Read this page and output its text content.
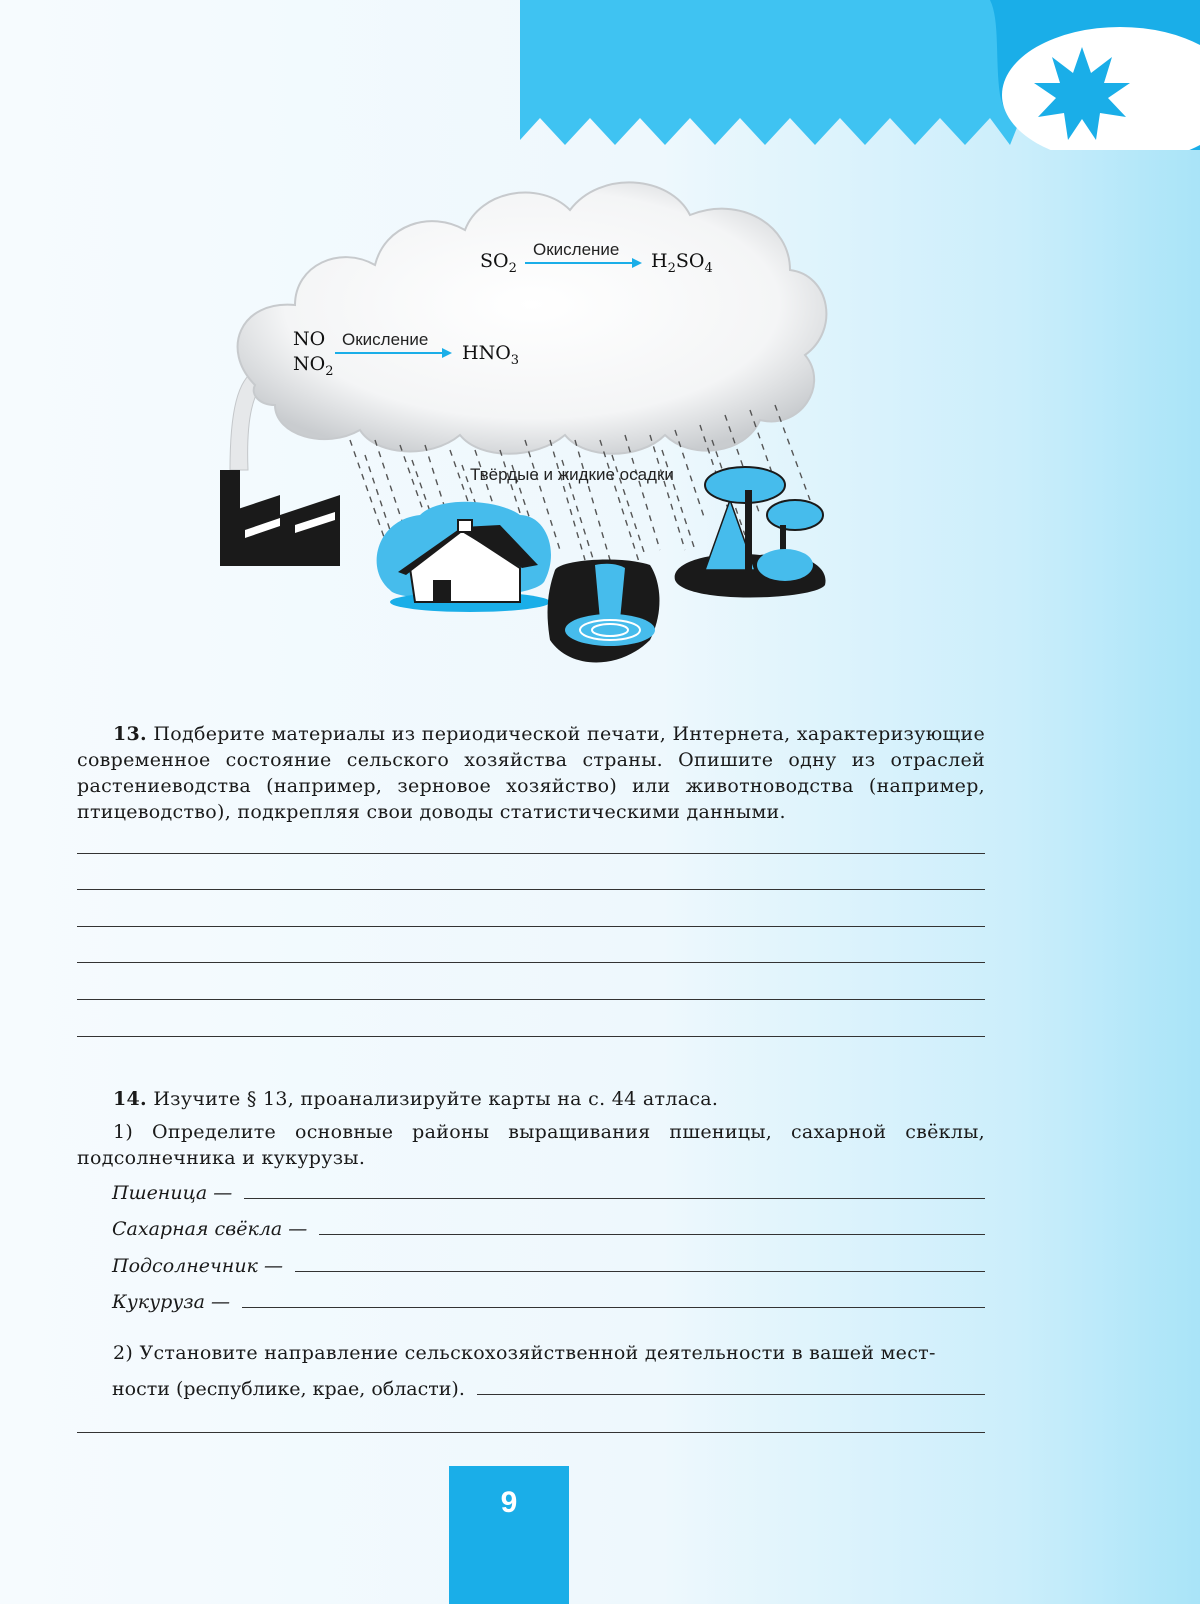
$SO_2$
Окисление
$H_2SO_4$
NO
$NO_2$
Окисление
$HNO_3$
Твёрдые и жидкие осадки
13. Подберите материалы из периодической печати, Интернета, характеризующие современное состояние сельского хозяйства страны. Опишите одну из отраслей растениеводства (например, зерновое хозяйство) или животноводства (например, птицеводство), подкрепляя свои доводы статистическими данными.
14. Изучите § 13, проанализируйте карты на с. 44 атласа.
1) Определите основные районы выращивания пшеницы, сахарной свёклы, подсолнечника и кукурузы.
Пшеница —
Сахарная свёкла —
Подсолнечник —
Кукуруза —
2) Установите направление сельскохозяйственной деятельности в вашей мест-
ности (республике, крае, области).
9
